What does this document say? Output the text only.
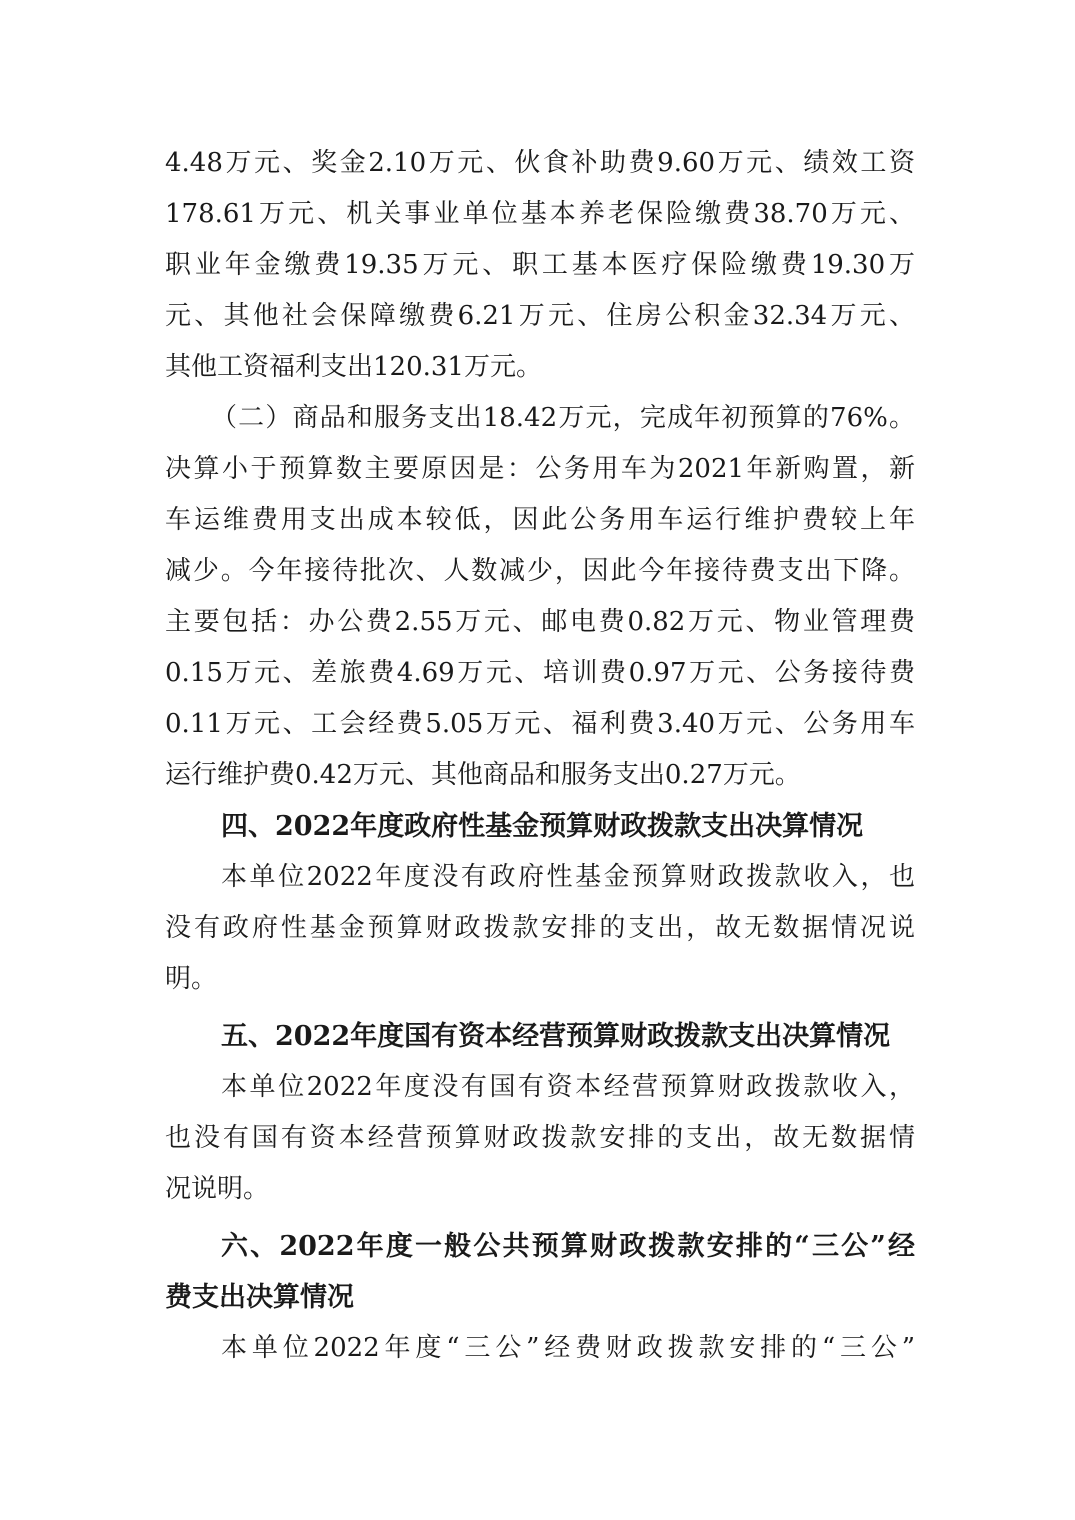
4.48万元、奖金2.10万元、伙食补助费9.60万元、绩效工资
178.61万元、机关事业单位基本养老保险缴费38.70万元、
职业年金缴费19.35万元、职工基本医疗保险缴费19.30万
元、其他社会保障缴费6.21万元、住房公积金32.34万元、
其他工资福利支出120.31万元。
（二）商品和服务支出18.42万元，完成年初预算的76%。
决算小于预算数主要原因是：公务用车为2021年新购置，新
车运维费用支出成本较低，因此公务用车运行维护费较上年
减少。今年接待批次、人数减少，因此今年接待费支出下降。
主要包括：办公费2.55万元、邮电费0.82万元、物业管理费
0.15万元、差旅费4.69万元、培训费0.97万元、公务接待费
0.11万元、工会经费5.05万元、福利费3.40万元、公务用车
运行维护费0.42万元、其他商品和服务支出0.27万元。
四、2022年度政府性基金预算财政拨款支出决算情况
本单位2022年度没有政府性基金预算财政拨款收入，也
没有政府性基金预算财政拨款安排的支出，故无数据情况说
明。
五、2022年度国有资本经营预算财政拨款支出决算情况
本单位2022年度没有国有资本经营预算财政拨款收入，
也没有国有资本经营预算财政拨款安排的支出，故无数据情
况说明。
六、2022年度一般公共预算财政拨款安排的“三公”经
费支出决算情况
本单位2022年度“三公”经费财政拨款安排的“三公”
